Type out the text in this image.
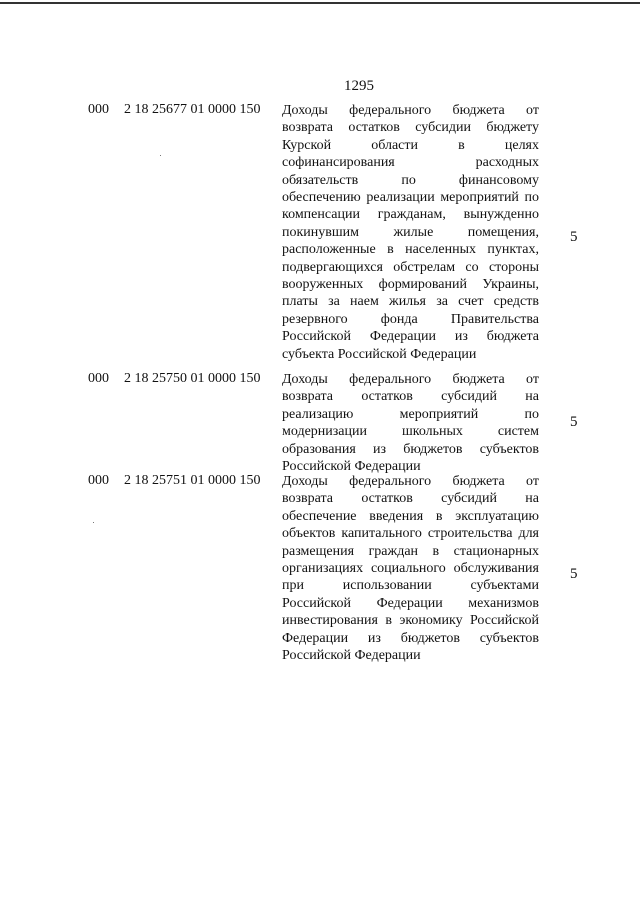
1295
000 2 18 25677 01 0000 150 Доходы федерального бюджета от возврата остатков субсидии бюджету Курской области в целях софинансирования расходных обязательств по финансовому обеспечению реализации мероприятий по компенсации гражданам, вынужденно покинувшим жилые помещения, расположенные в населенных пунктах, подвергающихся обстрелам со стороны вооруженных формирований Украины, платы за наем жилья за счет средств резервного фонда Правительства Российской Федерации из бюджета субъекта Российской Федерации
5
000 2 18 25750 01 0000 150 Доходы федерального бюджета от возврата остатков субсидий на реализацию мероприятий по модернизации школьных систем образования из бюджетов субъектов Российской Федерации
5
000 2 18 25751 01 0000 150 Доходы федерального бюджета от возврата остатков субсидий на обеспечение введения в эксплуатацию объектов капитального строительства для размещения граждан в стационарных организациях социального обслуживания при использовании субъектами Российской Федерации механизмов инвестирования в экономику Российской Федерации из бюджетов субъектов Российской Федерации
5
